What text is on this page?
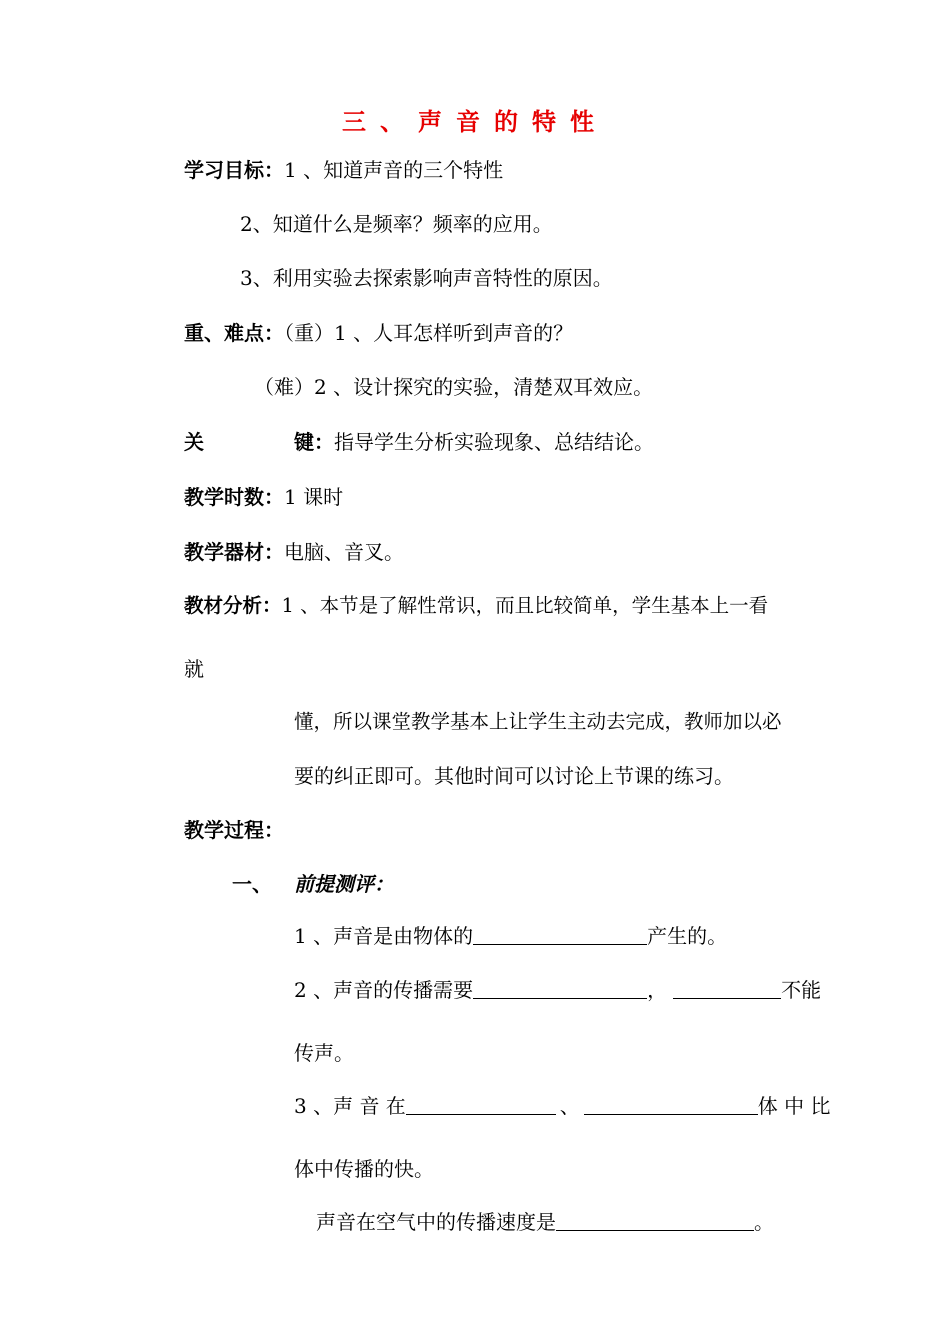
三、声音的特性
学习目标：1 、知道声音的三个特性
2、知道什么是频率？频率的应用。
3、利用实验去探索影响声音特性的原因。
重、难点：（重）1 、人耳怎样听到声音的？
（难）2 、设计探究的实验，清楚双耳效应。
关	键：指导学生分析实验现象、总结结论。
教学时数：1 课时
教学器材：电脑、音叉。
教材分析：1 、本节是了解性常识，而且比较简单，学生基本上一看
就
懂，所以课堂教学基本上让学生主动去完成，教师加以必
要的纠正即可。其他时间可以讨论上节课的练习。
教学过程：
一、 前提测评：
1 、声音是由物体的	产生的。
2 、声音的传播需要	，	不能
传声。
3 、声 音 在	、	体 中 比
体中传播的快。
声音在空气中的传播速度是	。
